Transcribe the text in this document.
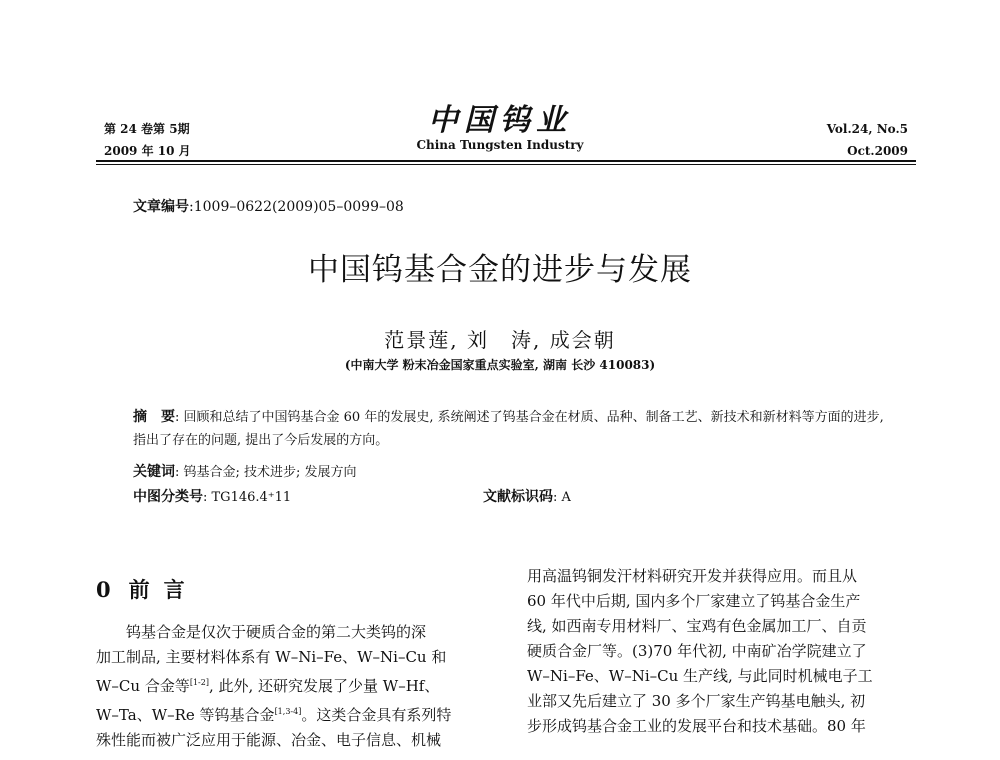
第 24 卷第 5期
2009 年 10 月
中国钨业
China Tungsten Industry
Vol.24, No.5
Oct.2009
文章编号:1009–0622(2009)05–0099–08
中国钨基合金的进步与发展
范景莲, 刘　涛, 成会朝
(中南大学 粉末冶金国家重点实验室, 湖南 长沙 410083)
摘　要: 回顾和总结了中国钨基合金 60 年的发展史, 系统阐述了钨基合金在材质、品种、制备工艺、新技术和新材料等方面的进步, 指出了存在的问题, 提出了今后发展的方向。
关键词: 钨基合金; 技术进步; 发展方向
中图分类号: TG146.4⁺11	文献标识码: A
0 前言
钨基合金是仅次于硬质合金的第二大类钨的深
加工制品, 主要材料体系有 W–Ni–Fe、W–Ni–Cu 和
W–Cu 合金等[1-2], 此外, 还研究发展了少量 W–Hf、
W–Ta、W–Re 等钨基合金[1,3-4]。这类合金具有系列特
殊性能而被广泛应用于能源、冶金、电子信息、机械
用高温钨铜发汗材料研究开发并获得应用。而且从
60 年代中后期, 国内多个厂家建立了钨基合金生产
线, 如西南专用材料厂、宝鸡有色金属加工厂、自贡
硬质合金厂等。(3)70 年代初, 中南矿冶学院建立了
W–Ni–Fe、W–Ni–Cu 生产线, 与此同时机械电子工
业部又先后建立了 30 多个厂家生产钨基电触头, 初
步形成钨基合金工业的发展平台和技术基础。80 年
